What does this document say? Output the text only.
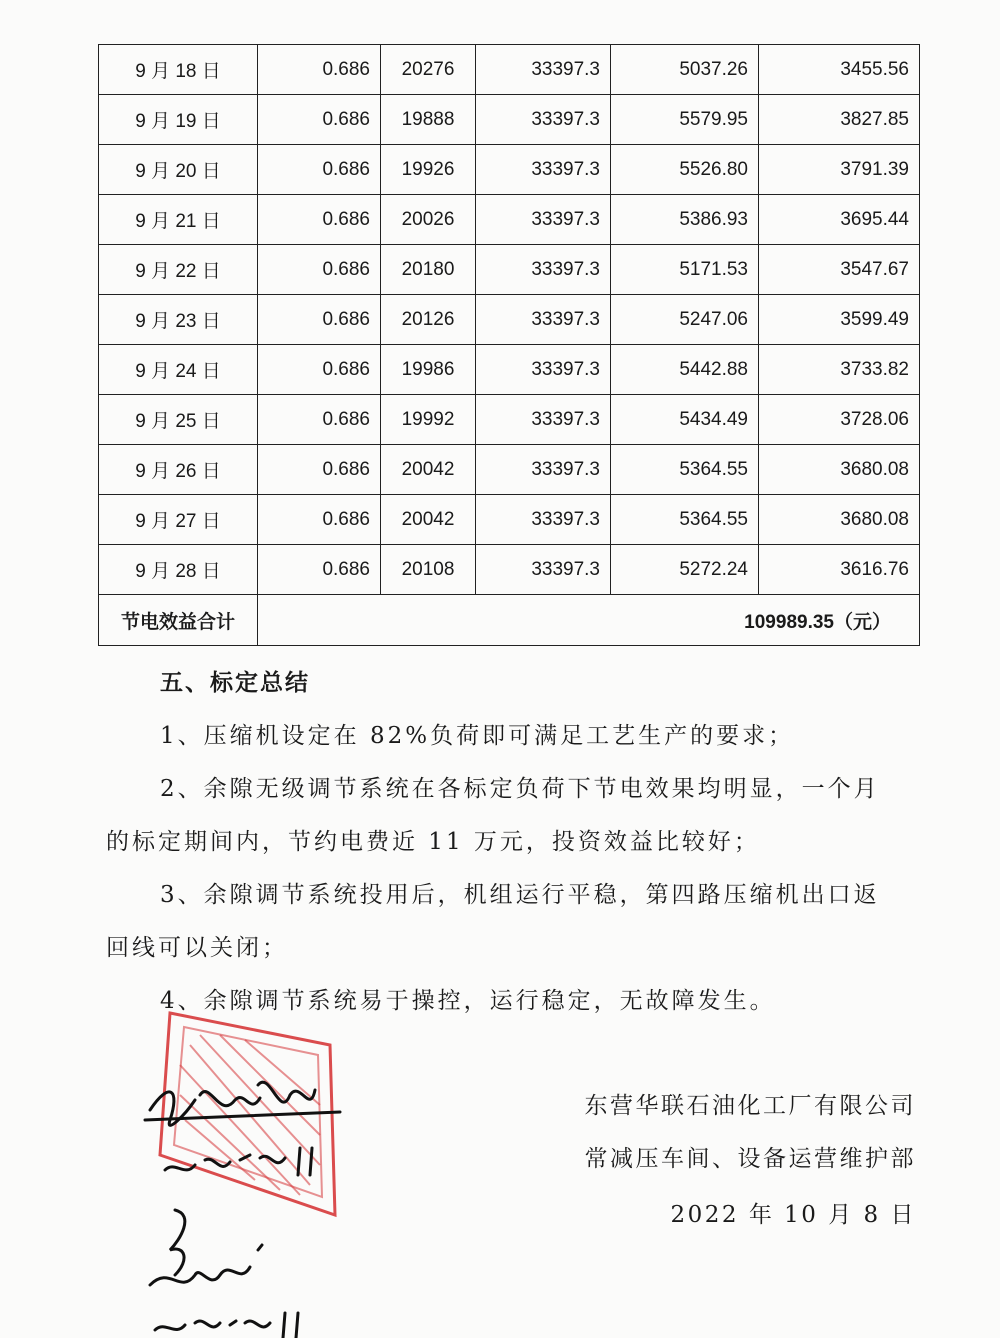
9 月 18 日	0.686	20276	33397.3	5037.26	3455.56
9 月 19 日	0.686	19888	33397.3	5579.95	3827.85
9 月 20 日	0.686	19926	33397.3	5526.80	3791.39
9 月 21 日	0.686	20026	33397.3	5386.93	3695.44
9 月 22 日	0.686	20180	33397.3	5171.53	3547.67
9 月 23 日	0.686	20126	33397.3	5247.06	3599.49
9 月 24 日	0.686	19986	33397.3	5442.88	3733.82
9 月 25 日	0.686	19992	33397.3	5434.49	3728.06
9 月 26 日	0.686	20042	33397.3	5364.55	3680.08
9 月 27 日	0.686	20042	33397.3	5364.55	3680.08
9 月 28 日	0.686	20108	33397.3	5272.24	3616.76
节电效益合计	109989.35（元）				
五、标定总结
1、压缩机设定在 82%负荷即可满足工艺生产的要求；
2、余隙无级调节系统在各标定负荷下节电效果均明显，一个月
的标定期间内，节约电费近 11 万元，投资效益比较好；
3、余隙调节系统投用后，机组运行平稳，第四路压缩机出口返
回线可以关闭；
4、余隙调节系统易于操控，运行稳定，无故障发生。
东营华联石油化工厂有限公司
常减压车间、设备运营维护部
2022 年 10 月 8 日
